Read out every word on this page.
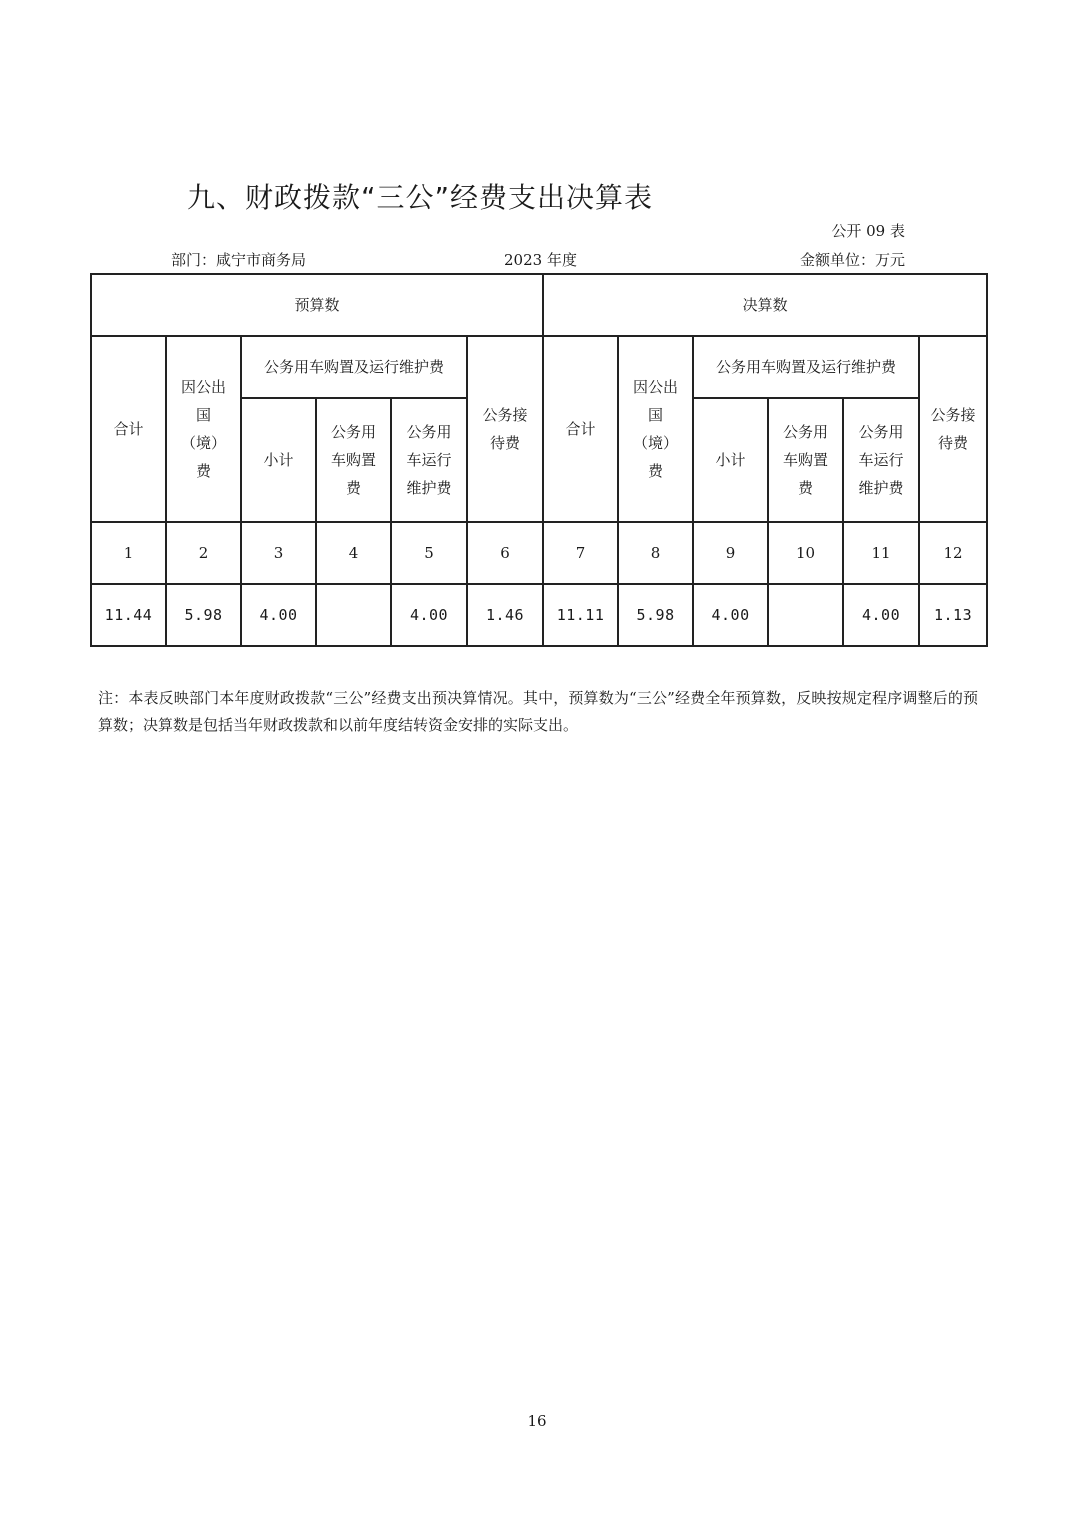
九、财政拨款“三公”经费支出决算表
公开 09 表
部门：咸宁市商务局	2023 年度	金额单位：万元
预算数						决算数					
合计	因公出国（境）费	公务用车购置及运行维护费			公务接待费	合计	因公出国（境）费	公务用车购置及运行维护费			公务接待费
		小计	公务用车购置费	公务用车运行维护费				小计	公务用车购置费	公务用车运行维护费	
1	2	3	4	5	6	7	8	9	10	11	12
11.44	5.98	4.00		4.00	1.46	11.11	5.98	4.00		4.00	1.13
注：本表反映部门本年度财政拨款“三公”经费支出预决算情况。其中，预算数为“三公”经费全年预算数，反映按规定程序调整后的预算数；决算数是包括当年财政拨款和以前年度结转资金安排的实际支出。
16
